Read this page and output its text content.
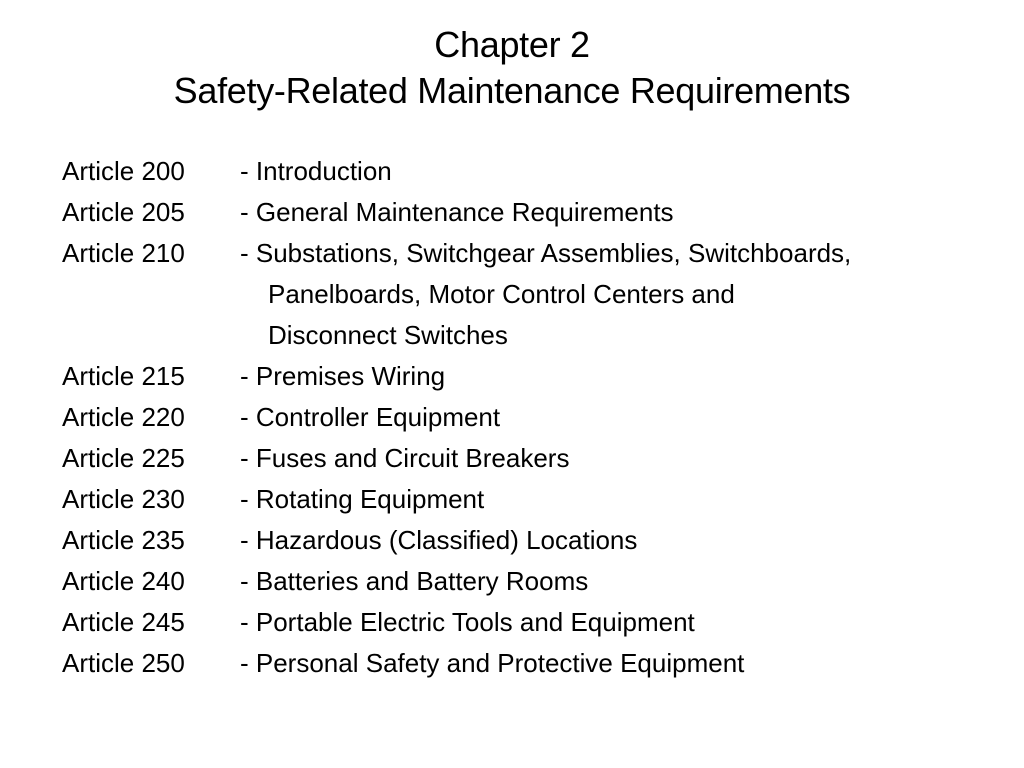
Chapter 2
Safety-Related Maintenance Requirements
Article 200	- Introduction
Article 205	- General Maintenance Requirements
Article 210	- Substations, Switchgear Assemblies, Switchboards,
Panelboards, Motor Control Centers and
Disconnect Switches
Article 215	- Premises Wiring
Article 220	- Controller Equipment
Article 225	- Fuses and Circuit Breakers
Article 230	- Rotating Equipment
Article 235	- Hazardous (Classified) Locations
Article 240	- Batteries and Battery Rooms
Article 245	- Portable Electric Tools and Equipment
Article 250	- Personal Safety and Protective Equipment
